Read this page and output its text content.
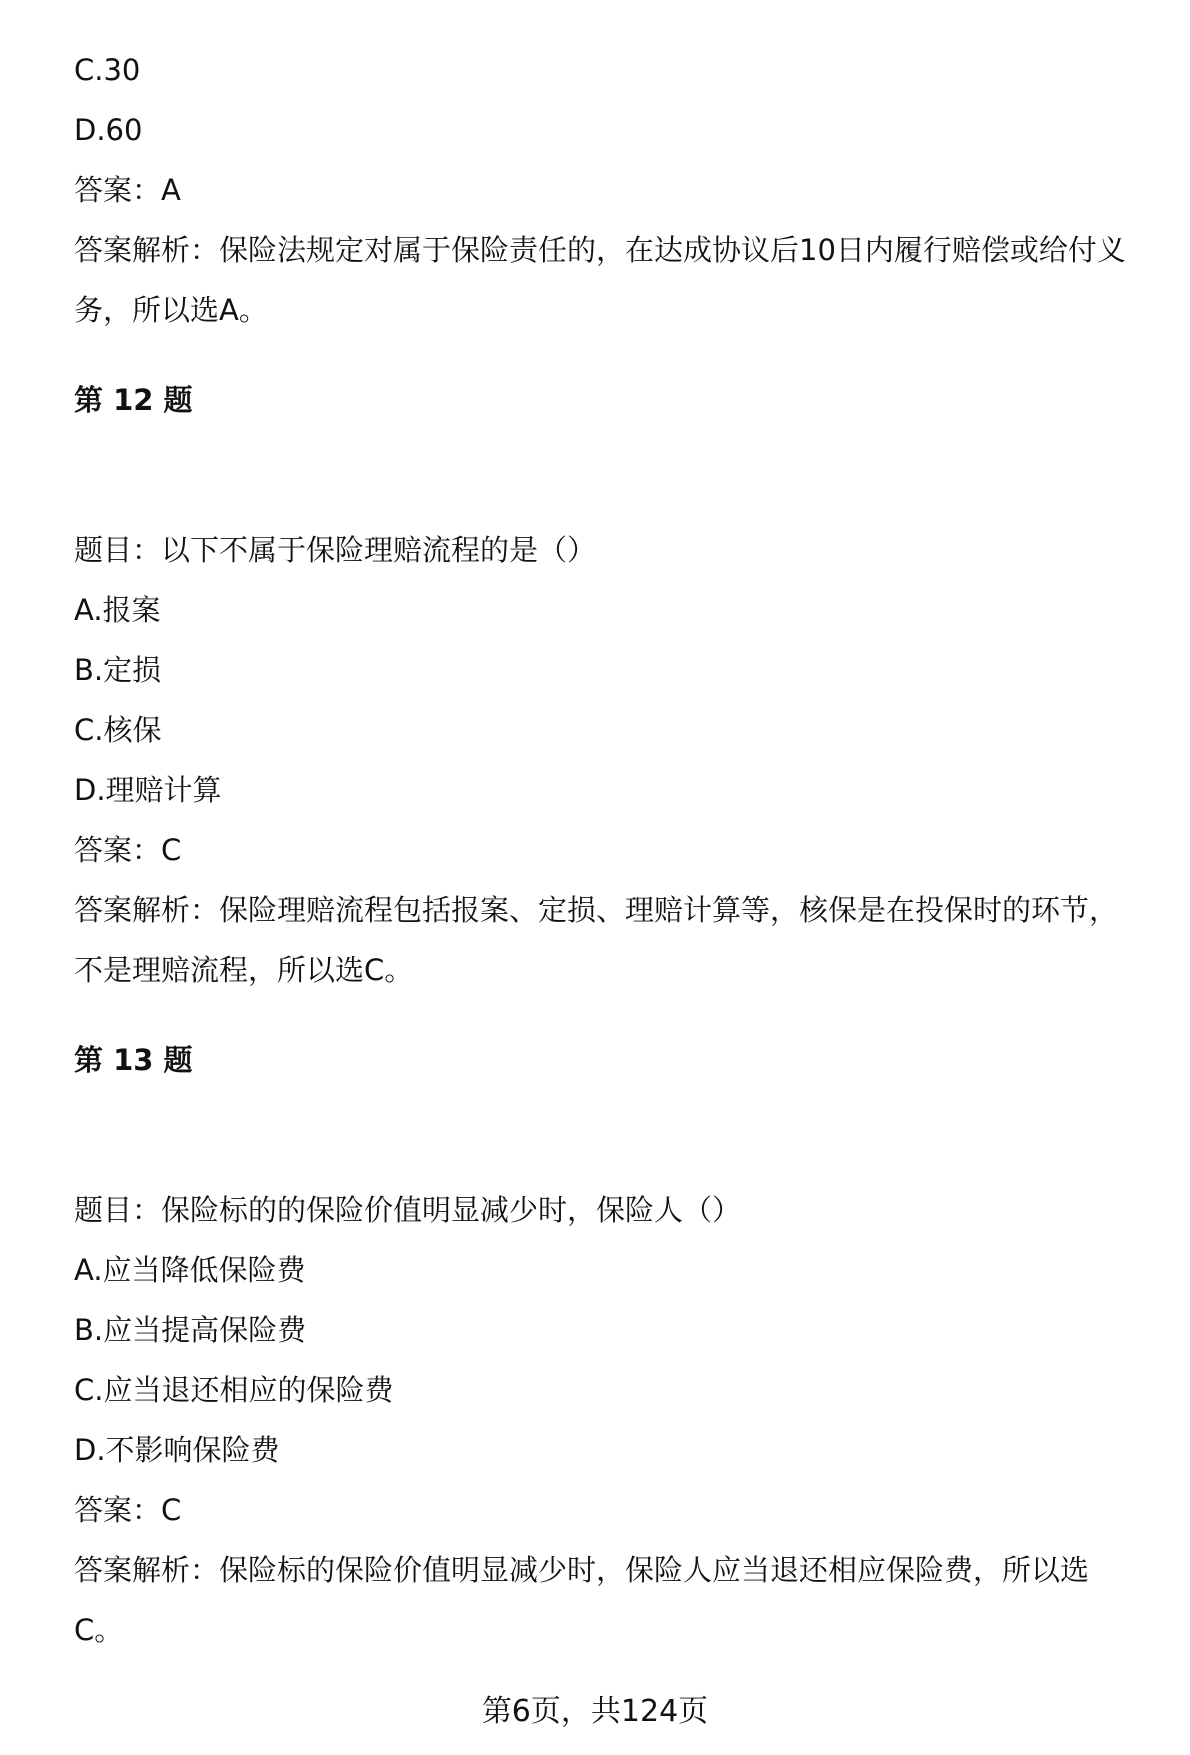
C.30
D.60
答案：A
答案解析：保险法规定对属于保险责任的，在达成协议后10日内履行赔偿或给付义
务，所以选A。
第 12 题
题目：以下不属于保险理赔流程的是（）
A.报案
B.定损
C.核保
D.理赔计算
答案：C
答案解析：保险理赔流程包括报案、定损、理赔计算等，核保是在投保时的环节，
不是理赔流程，所以选C。
第 13 题
题目：保险标的的保险价值明显减少时，保险人（）
A.应当降低保险费
B.应当提高保险费
C.应当退还相应的保险费
D.不影响保险费
答案：C
答案解析：保险标的保险价值明显减少时，保险人应当退还相应保险费，所以选
C。
第6页，共124页
